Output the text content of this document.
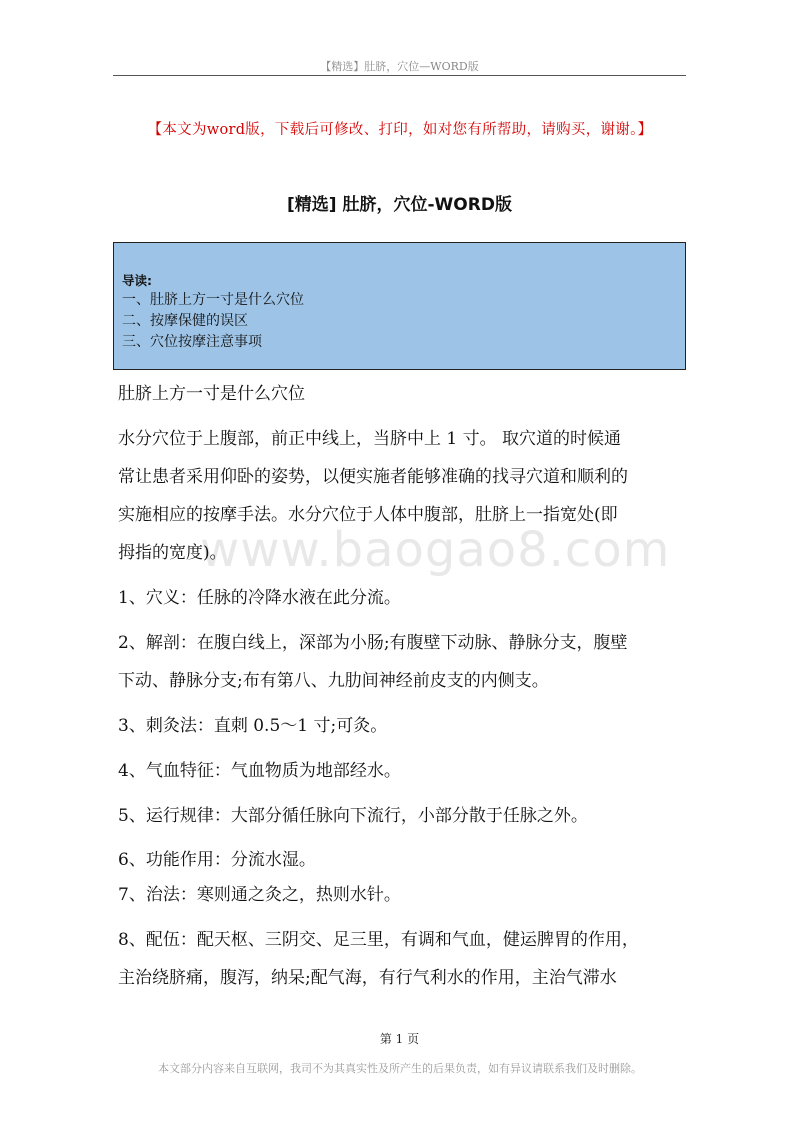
【精选】肚脐，穴位—WORD版
【本文为word版，下载后可修改、打印，如对您有所帮助，请购买，谢谢。】
[精选] 肚脐，穴位-WORD版
导读:
一、肚脐上方一寸是什么穴位
二、按摩保健的误区
三、穴位按摩注意事项
www.baogao8.com
肚脐上方一寸是什么穴位
水分穴位于上腹部，前正中线上，当脐中上 1 寸。 取穴道的时候通
常让患者采用仰卧的姿势，以便实施者能够准确的找寻穴道和顺利的
实施相应的按摩手法。水分穴位于人体中腹部，肚脐上一指宽处(即
拇指的宽度)。
1、穴义：任脉的冷降水液在此分流。
2、解剖：在腹白线上，深部为小肠;有腹壁下动脉、静脉分支，腹壁
下动、静脉分支;布有第八、九肋间神经前皮支的内侧支。
3、刺灸法：直刺 0.5～1 寸;可灸。
4、气血特征：气血物质为地部经水。
5、运行规律：大部分循任脉向下流行，小部分散于任脉之外。
6、功能作用：分流水湿。
7、治法：寒则通之灸之，热则水针。
8、配伍：配天枢、三阴交、足三里，有调和气血，健运脾胃的作用，
主治绕脐痛，腹泻，纳呆;配气海，有行气利水的作用，主治气滞水
第 1 页
本文部分内容来自互联网，我司不为其真实性及所产生的后果负责，如有异议请联系我们及时删除。
